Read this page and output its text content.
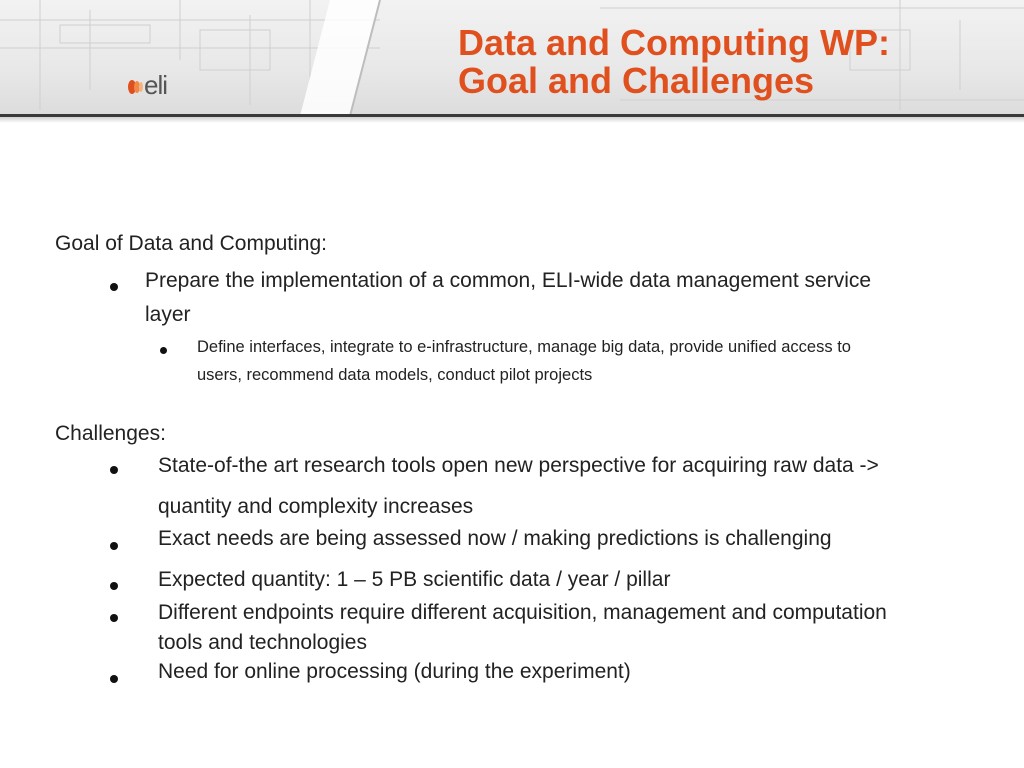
eli
Data and Computing WP:
Goal and Challenges
Goal of Data and Computing:
Prepare the implementation of a common, ELI-wide data management service
layer
Define interfaces, integrate to e-infrastructure, manage big data, provide unified access to
users, recommend data models, conduct pilot projects
Challenges:
State-of-the art research tools open new perspective for acquiring raw data ->
quantity and complexity increases
Exact needs are being assessed now / making predictions is challenging
Expected quantity: 1 – 5 PB scientific data / year / pillar
Different endpoints require different acquisition, management and computation
tools and technologies
Need for online processing (during the experiment)
